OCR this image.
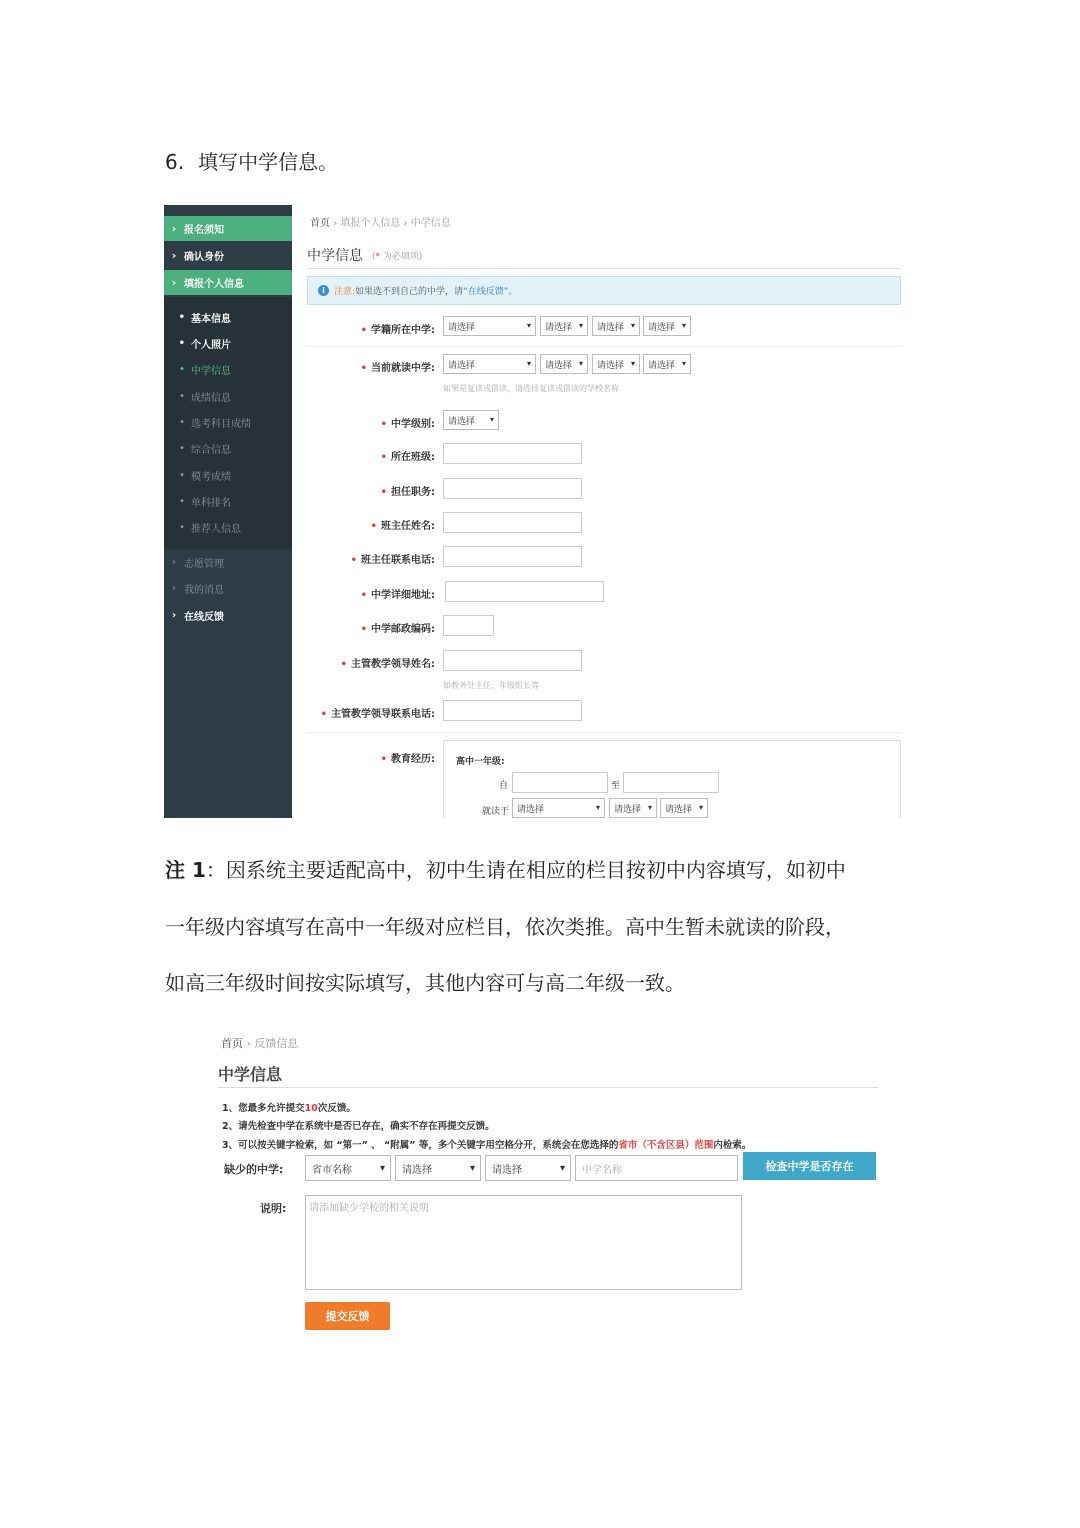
6. 填写中学信息。
› 报名须知
› 确认身份
› 填报个人信息
• 基本信息
• 个人照片
• 中学信息
• 成绩信息
• 选考科目成绩
• 综合信息
• 模考成绩
• 单科排名
• 推荐人信息
› 志愿管理
› 我的消息
› 在线反馈
首页 › 填报个人信息 › 中学信息
中学信息 (* 为必填项)
i	注意: 如果选不到自己的中学，请 “在线反馈” 。
• 学籍所在中学: 请选择	▾ 请选择 ▾ 请选择 ▾ 请选择 ▾
• 当前就读中学: 请选择	▾ 请选择 ▾ 请选择 ▾ 请选择 ▾
如果是复读或借读，请选择复读或借读的学校名称
• 中学级别: 请选择 ▾
• 所在班级:
• 担任职务:
• 班主任姓名:
• 班主任联系电话:
• 中学详细地址:
• 中学邮政编码:
• 主管教学领导姓名:
如教务处主任、年级组长等
• 主管教学领导联系电话:
• 教育经历: 高中一年级:
自	至
就读于 请选择	▾ 请选择 ▾ 请选择 ▾
注 1：因系统主要适配高中，初中生请在相应的栏目按初中内容填写，如初中
一年级内容填写在高中一年级对应栏目，依次类推。高中生暂未就读的阶段，
如高三年级时间按实际填写，其他内容可与高二年级一致。
首页 › 反馈信息
中学信息
1、您最多允许提交10次反馈。
2、请先检查中学在系统中是否已存在，确实不存在再提交反馈。
3、可以按关键字检索，如 “第一” 、 “附属” 等，多个关键字用空格分开，系统会在您选择的省市（不含区县）范围内检索。
缺少的中学:	省市名称	▾ 请选择	▾ 请选择	▾ 中学名称	检查中学是否存在
说明:	请添加缺少学校的相关说明
提交反馈
